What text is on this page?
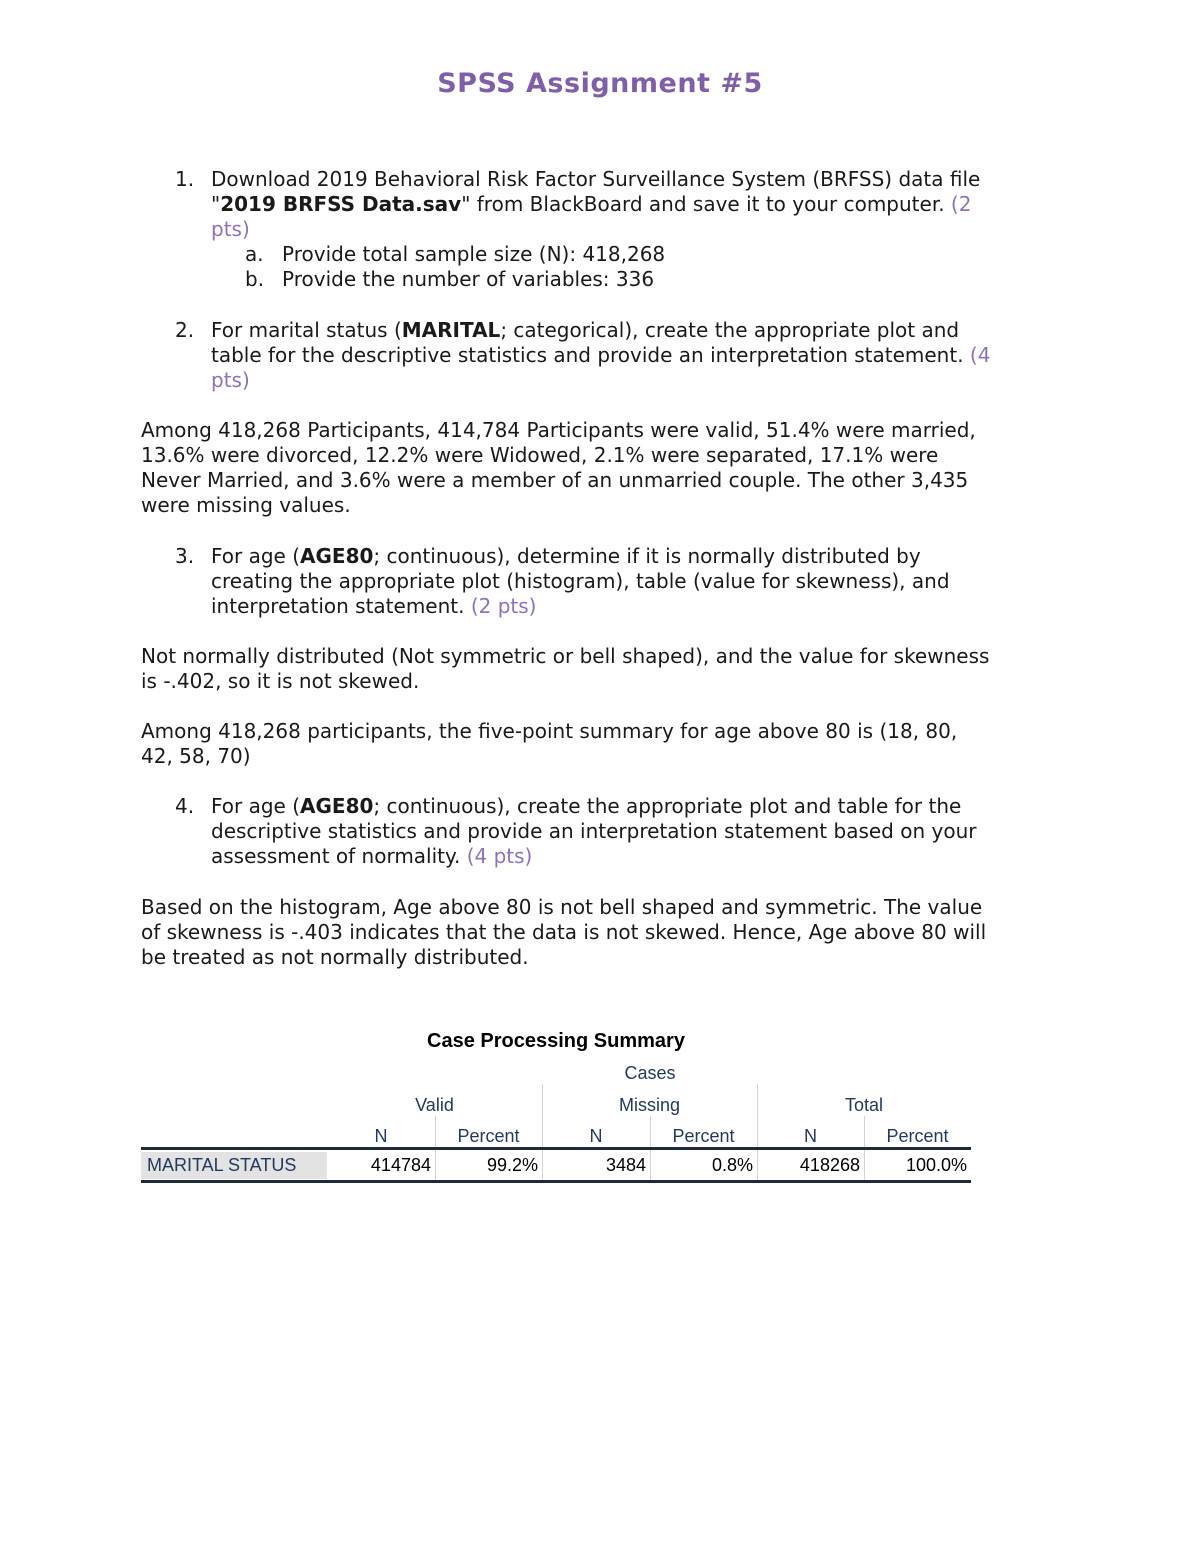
SPSS Assignment #5
1. Download 2019 Behavioral Risk Factor Surveillance System (BRFSS) data file
"2019 BRFSS Data.sav" from BlackBoard and save it to your computer. (2
pts)
a. Provide total sample size (N): 418,268
b. Provide the number of variables: 336
2. For marital status (MARITAL; categorical), create the appropriate plot and
table for the descriptive statistics and provide an interpretation statement. (4
pts)
Among 418,268 Participants, 414,784 Participants were valid, 51.4% were married,
13.6% were divorced, 12.2% were Widowed, 2.1% were separated, 17.1% were
Never Married, and 3.6% were a member of an unmarried couple. The other 3,435
were missing values.
3. For age (AGE80; continuous), determine if it is normally distributed by
creating the appropriate plot (histogram), table (value for skewness), and
interpretation statement. (2 pts)
Not normally distributed (Not symmetric or bell shaped), and the value for skewness
is -.402, so it is not skewed.
Among 418,268 participants, the five-point summary for age above 80 is (18, 80,
42, 58, 70)
4. For age (AGE80; continuous), create the appropriate plot and table for the
descriptive statistics and provide an interpretation statement based on your
assessment of normality. (4 pts)
Based on the histogram, Age above 80 is not bell shaped and symmetric. The value
of skewness is -.403 indicates that the data is not skewed. Hence, Age above 80 will
be treated as not normally distributed.
Case Processing Summary
Cases
Valid	Missing	Total
N	Percent	N	Percent	N	Percent
MARITAL STATUS	414784	99.2%	3484	0.8%	418268	100.0%
